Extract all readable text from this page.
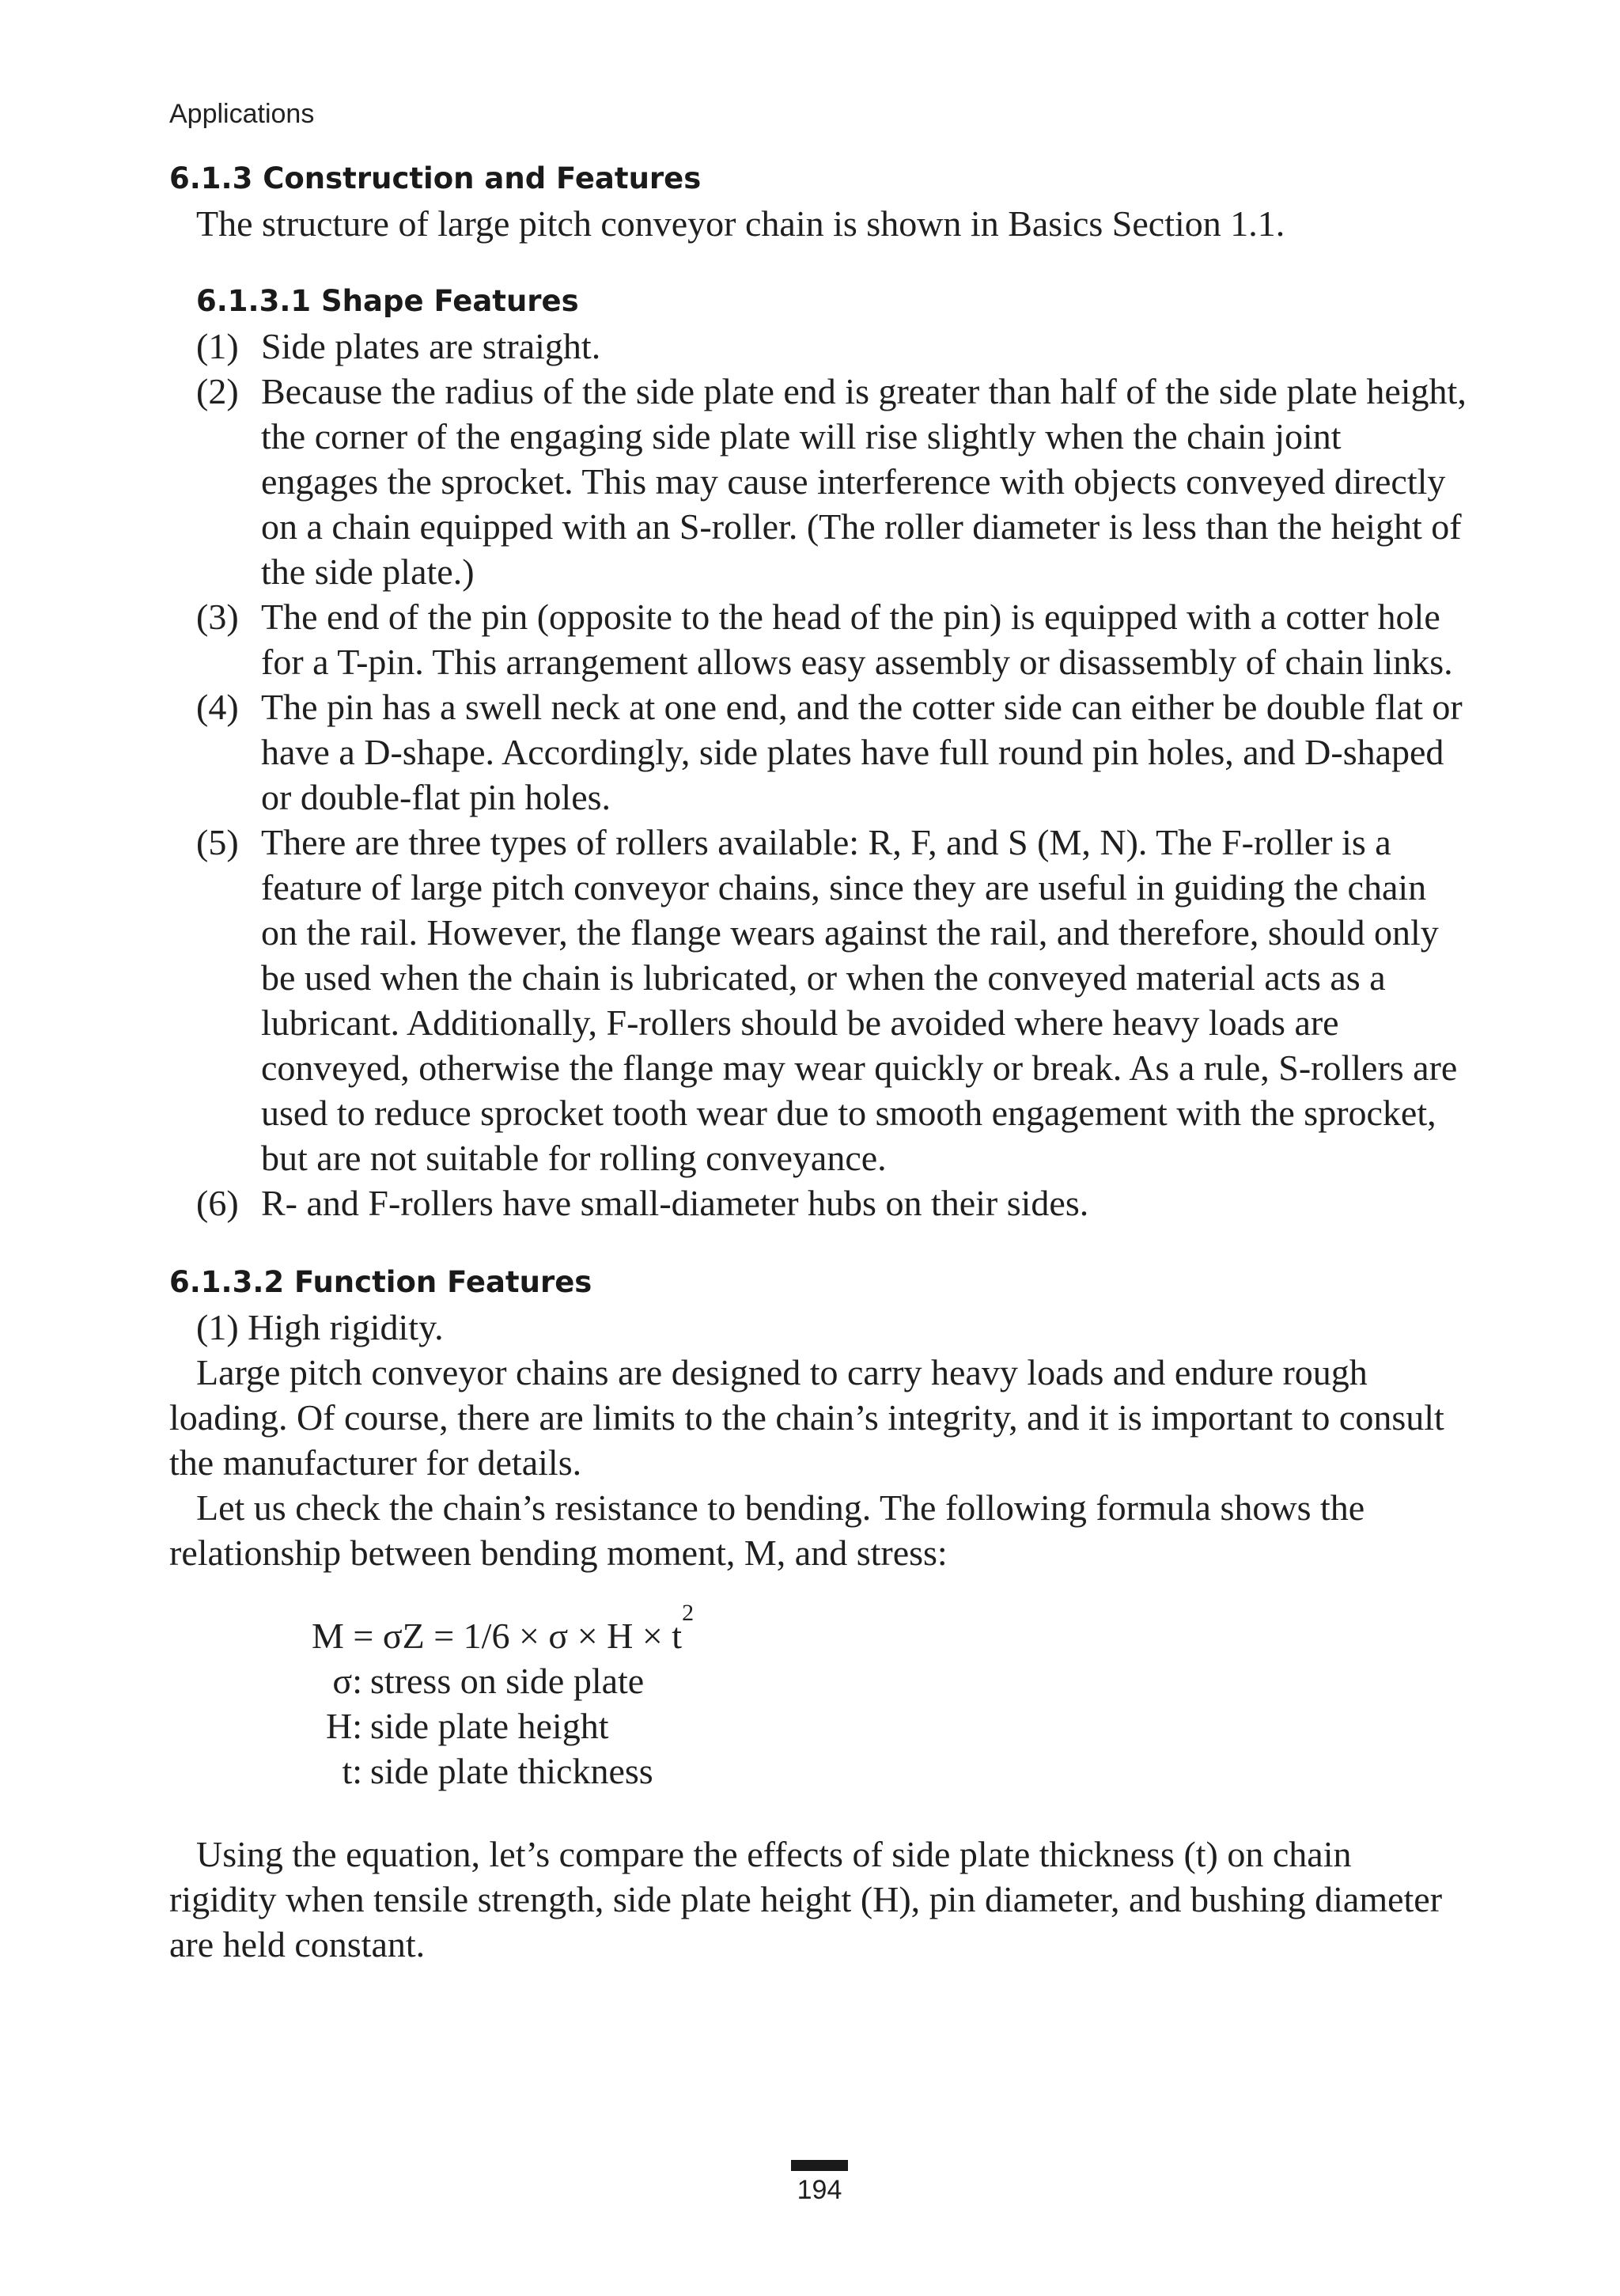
Applications
6.1.3 Construction and Features

The structure of large pitch conveyor chain is shown in Basics Section 1.1.

6.1.3.1 Shape Features
(1) Side plates are straight.
(2) Because the radius of the side plate end is greater than half of the side plate height, the corner of the engaging side plate will rise slightly when the chain joint engages the sprocket. This may cause interference with objects conveyed directly on a chain equipped with an S-roller. (The roller diameter is less than the height of the side plate.)
(3) The end of the pin (opposite to the head of the pin) is equipped with a cotter hole for a T-pin. This arrangement allows easy assembly or disassembly of chain links.
(4) The pin has a swell neck at one end, and the cotter side can either be double flat or have a D-shape. Accordingly, side plates have full round pin holes, and D-shaped or double-flat pin holes.
(5) There are three types of rollers available: R, F, and S (M, N). The F-roller is a feature of large pitch conveyor chains, since they are useful in guiding the chain on the rail. However, the flange wears against the rail, and therefore, should only be used when the chain is lubricated, or when the conveyed material acts as a lubricant. Additionally, F-rollers should be avoided where heavy loads are conveyed, otherwise the flange may wear quickly or break. As a rule, S-rollers are used to reduce sprocket tooth wear due to smooth engagement with the sprocket, but are not suitable for rolling conveyance.
(6) R- and F-rollers have small-diameter hubs on their sides.
6.1.3.2 Function Features

(1) High rigidity.

Large pitch conveyor chains are designed to carry heavy loads and endure rough loading. Of course, there are limits to the chain’s integrity, and it is important to consult the manufacturer for details.

Let us check the chain’s resistance to bending. The following formula shows the relationship between bending moment, M, and stress:

M = σZ = 1/6 × σ × H × t
2
σ: stress on side plate
H: side plate height
t: side plate thickness

Using the equation, let’s compare the effects of side plate thickness (t) on chain rigidity when tensile strength, side plate height (H), pin diameter, and bushing diameter are held constant.

194
